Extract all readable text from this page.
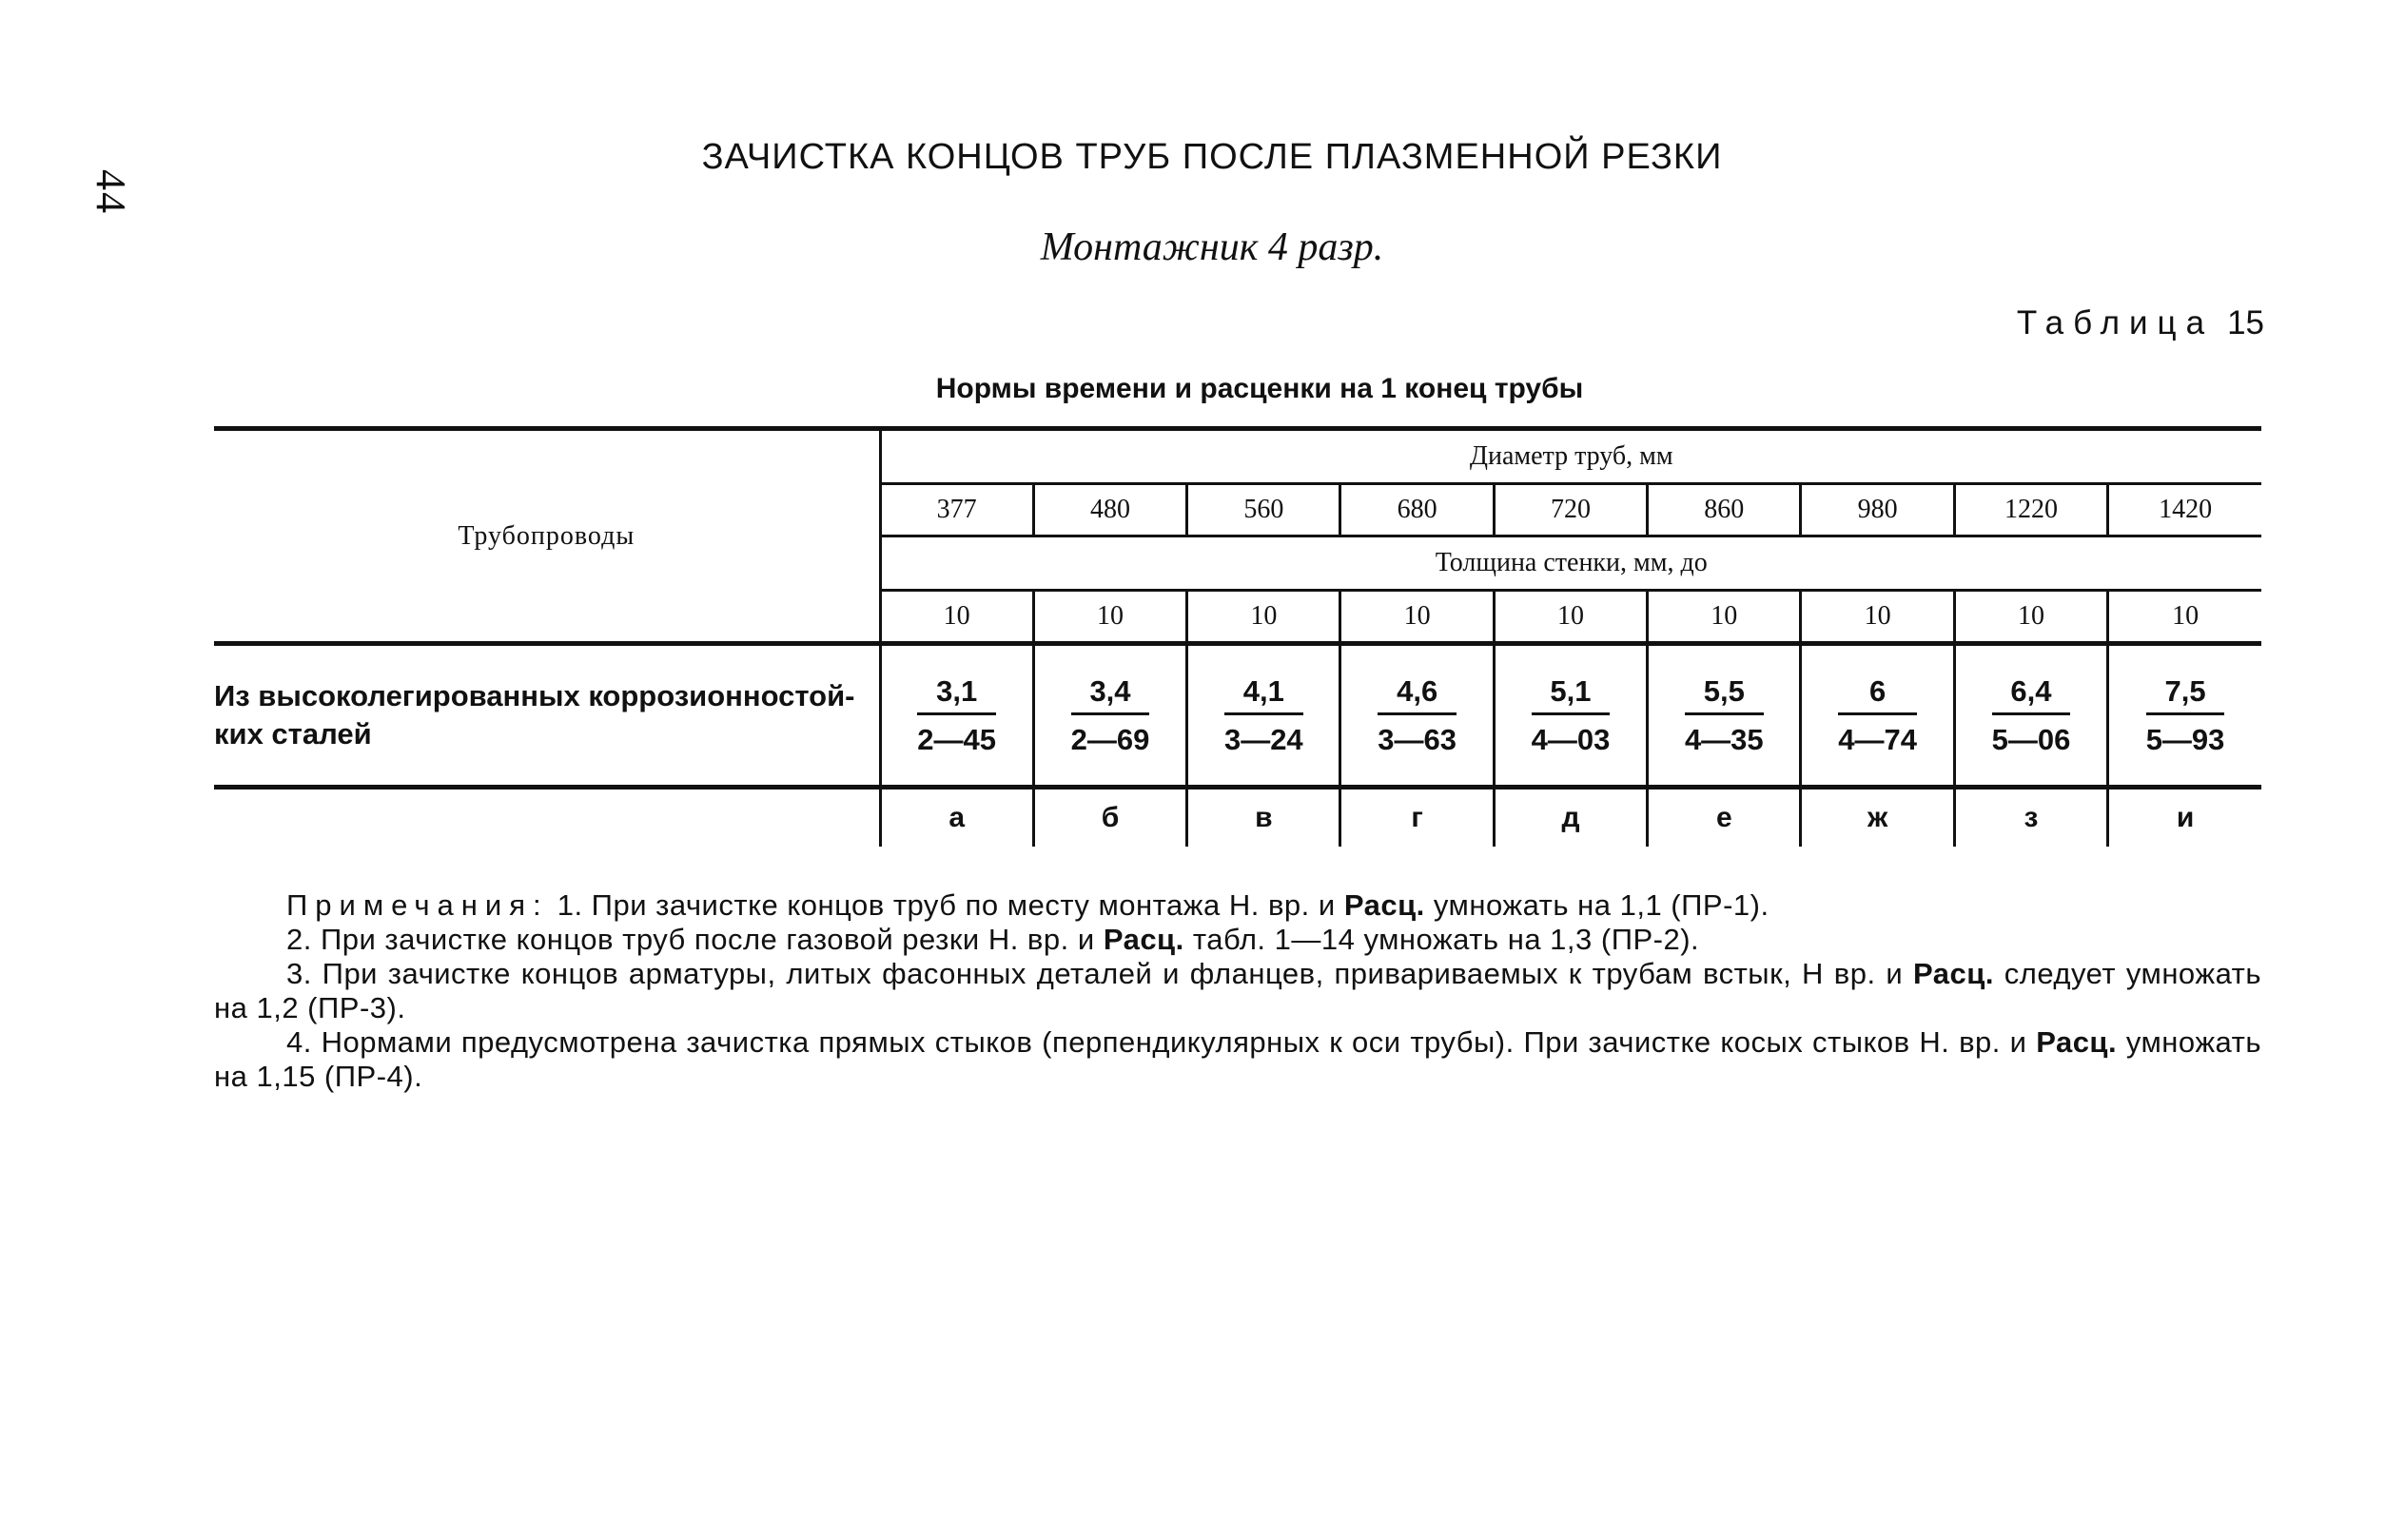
44
ЗАЧИСТКА КОНЦОВ ТРУБ ПОСЛЕ ПЛАЗМЕННОЙ РЕЗКИ
Монтажник 4 разр.
Таблица 15
Нормы времени и расценки на 1 конец трубы
Трубопроводы	Диаметр труб, мм								
	377	480	560	680	720	860	980	1220	1420
	Толщина стенки, мм, до								
	10	10	10	10	10	10	10	10	10
Из высоколегированных коррозионностой-ких сталей	$\frac{3,1}{2—45}$	$\frac{3,4}{2—69}$	$\frac{4,1}{3—24}$	$\frac{4,6}{3—63}$	$\frac{5,1}{4—03}$	$\frac{5,5}{4—35}$	$\frac{6}{4—74}$	$\frac{6,4}{5—06}$	$\frac{7,5}{5—93}$

	а	б	в	г	д	е	ж	з	и

Примечания: 1. При зачистке концов труб по месту монтажа Н. вр. и Расц. умножать на 1,1 (ПР-1).

2. При зачистке концов труб после газовой резки Н. вр. и Расц. табл. 1—14 умножать на 1,3 (ПР-2).

3. При зачистке концов арматуры, литых фасонных деталей и фланцев, привариваемых к трубам встык, Н вр. и Расц. следует умножать на 1,2 (ПР-3).

4. Нормами предусмотрена зачистка прямых стыков (перпендикулярных к оси трубы). При зачистке косых стыков Н. вр. и Расц. умножать на 1,15 (ПР-4).
